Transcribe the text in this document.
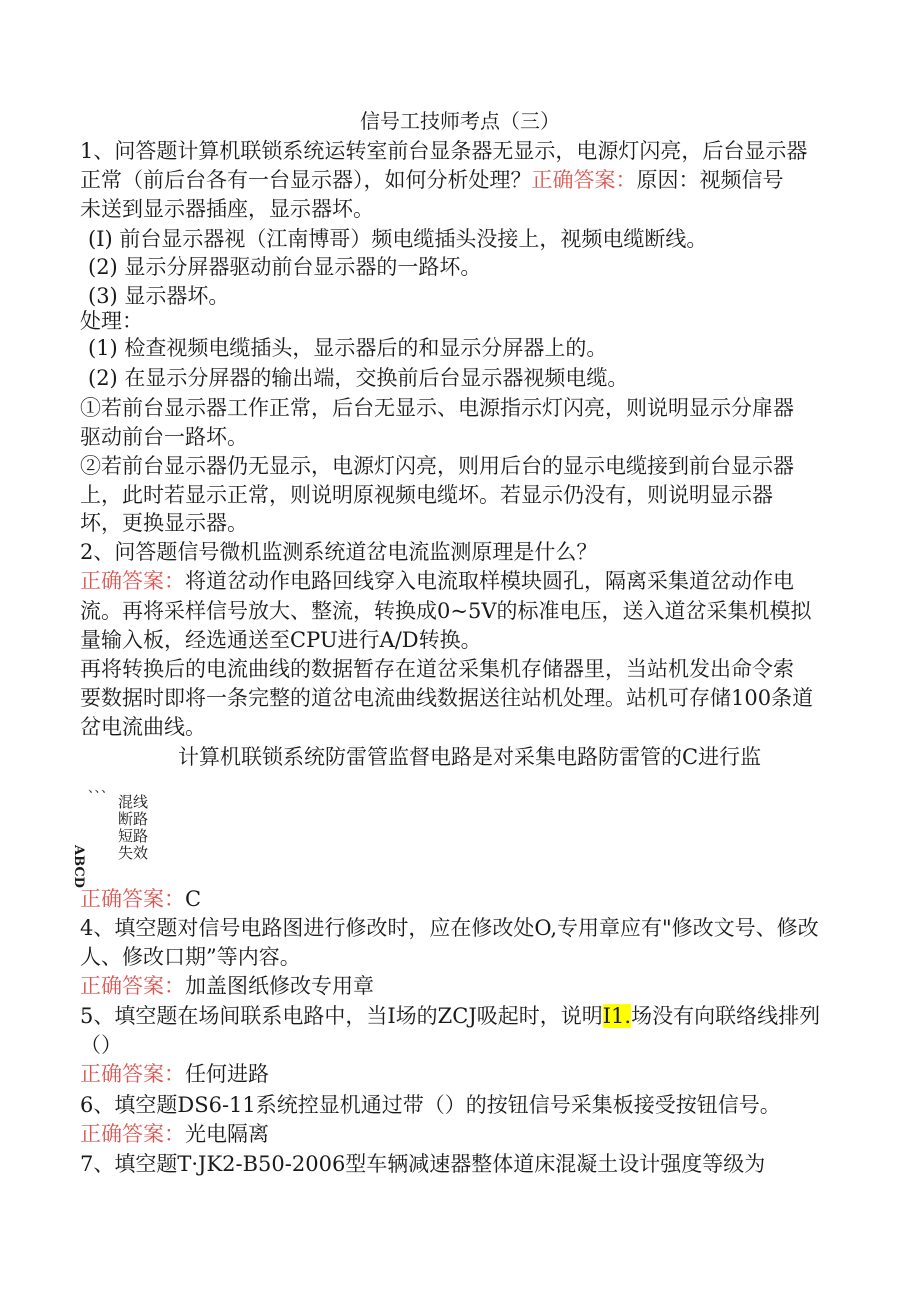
信号工技师考点（三）
1、问答题计算机联锁系统运转室前台显条器无显示，电源灯闪亮，后台显示器
正常（前后台各有一台显示器），如何分析处理？正确答案：原因：视频信号
未送到显示器插座，显示器坏。
(I) 前台显示器视（江南博哥）频电缆插头没接上，视频电缆断线。
(2) 显示分屏器驱动前台显示器的一路坏。
(3) 显示器坏。
处理：
(1) 检查视频电缆插头，显示器后的和显示分屏器上的。
(2) 在显示分屏器的输出端，交换前后台显示器视频电缆。
①若前台显示器工作正常，后台无显示、电源指示灯闪亮，则说明显示分扉器
驱动前台一路坏。
②若前台显示器仍无显示，电源灯闪亮，则用后台的显示电缆接到前台显示器
上，此时若显示正常，则说明原视频电缆坏。若显示仍没有，则说明显示器
坏，更换显示器。
2、问答题信号微机监测系统道岔电流监测原理是什么？
正确答案：将道岔动作电路回线穿入电流取样模块圆孔，隔离采集道岔动作电
流。再将采样信号放大、整流，转换成0~5V的标准电压，送入道岔采集机模拟
量输入板，经选通送至CPU进行A/D转换。
再将转换后的电流曲线的数据暂存在道岔采集机存储器里，当站机发出命令索
要数据时即将一条完整的道岔电流曲线数据送往站机处理。站机可存储100条道
岔电流曲线。
计算机联锁系统防雷管监督电路是对采集电路防雷管的C进行监
、、、
混线
断路
短路
失效
ABCD
正确答案：C
4、填空题对信号电路图进行修改时，应在修改处O,专用章应有"修改文号、修改
人、修改口期”等内容。
正确答案：加盖图纸修改专用章
5、填空题在场间联系电路中，当I场的ZCJ吸起时，说明I1.场没有向联络线排列
（）
正确答案：任何进路
6、填空题DS6-11系统控显机通过带（）的按钮信号采集板接受按钮信号。
正确答案：光电隔离
7、填空题T·JK2-B50-2006型车辆减速器整体道床混凝土设计强度等级为
